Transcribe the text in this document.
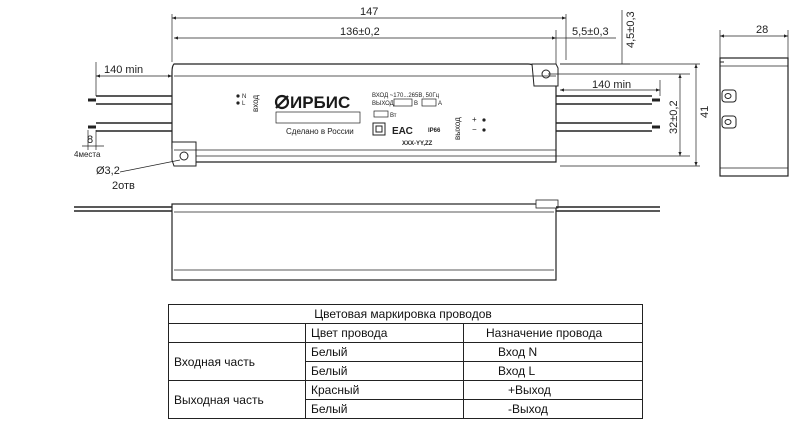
N
L вход ИРБИС	ВХОД ~170...265В, 50Гц
ВЫХОД	В	А
Вт
Сделано в России	ЕАС	IP66
ХХХ-YY,ZZ
выход +
−
147
136±0,2	5,5±0,3 4,5±0,3
140 min
140 min
8
4места
Ø3,2
2отв
32±0,2 41
28
Цветовая маркировка проводов		
	Цвет провода	Назначение провода
Входная часть	Белый	Вход N
	Белый	Вход L
Выходная часть	Красный	+Выход
	Белый	-Выход
